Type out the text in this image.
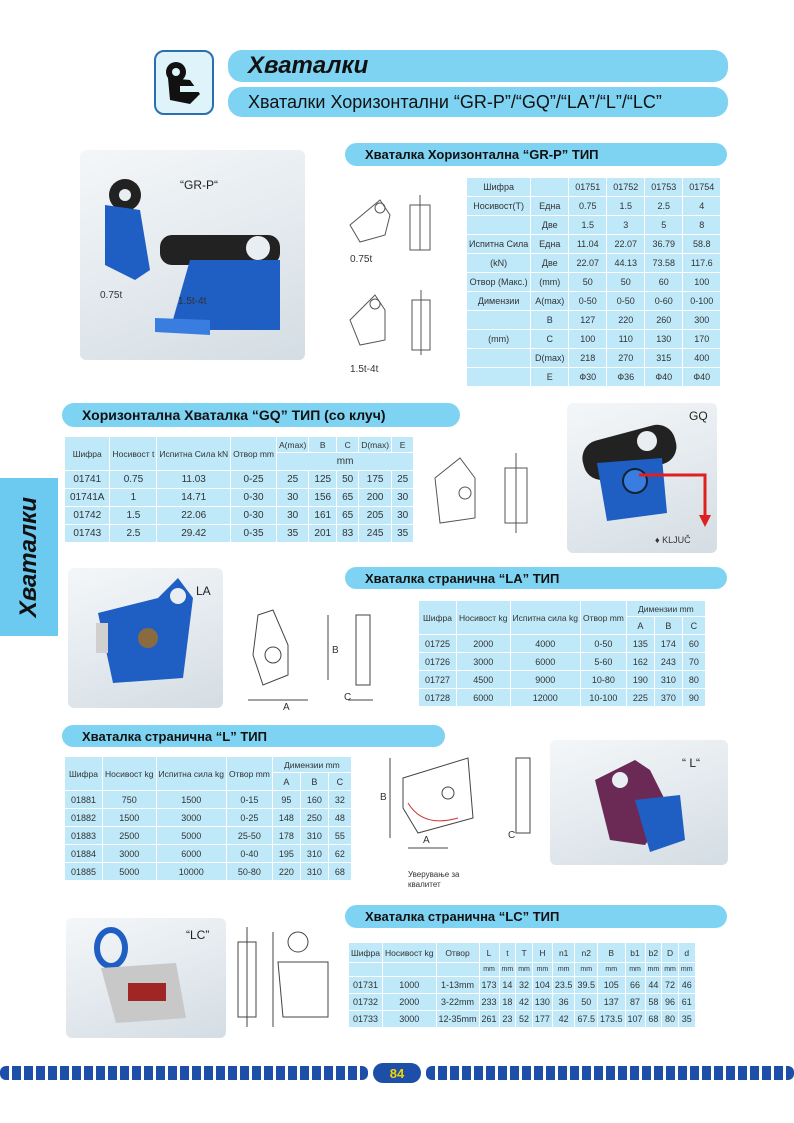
Хваталки
Хваталки Хоризонтални “GR-P”/“GQ”/“LA”/“L”/“LC”
Хваталки
“GR-P“
0.75t
1.5t-4t
Хваталка Хоризонтална “GR-P” ТИП
0.75t
1.5t-4t
Шифра		01751	01752	01753	01754
Носивост(Т)	Една	0.75	1.5	2.5	4
	Две	1.5	3	5	8
Испитна Сила	Една	11.04	22.07	36.79	58.8
(kN)	Две	22.07	44.13	73.58	117.6
Отвор (Макс.)	(mm)	50	50	60	100
Димензии	A(max)	0-50	0-50	0-60	0-100
	B	127	220	260	300
(mm)	C	100	110	130	170
	D(max)	218	270	315	400
	E	Ф30	Ф36	Ф40	Ф40
Хоризонтална Хваталка “GQ” ТИП (со клуч)
Шифра	Носивост t	Испитна Сила kN	Отвор mm	A(max)	B	C	D(max)	E
				mm				
01741	0.75	11.03	0-25	25	125	50	175	25
01741A	1	14.71	0-30	30	156	65	200	30
01742	1.5	22.06	0-30	30	161	65	205	30
01743	2.5	29.42	0-35	35	201	83	245	35
GQ
♦ KLJUČ
LA
B
A
C
Хваталка странична “LA” ТИП
Шифра	Носивост kg	Испитна сила kg	Отвор mm	Димензии mm		
				A	B	C
01725	2000	4000	0-50	135	174	60
01726	3000	6000	5-60	162	243	70
01727	4500	9000	10-80	190	310	80
01728	6000	12000	10-100	225	370	90
Хваталка странична “L” ТИП
Шифра	Носивост kg	Испитна сила kg	Отвор mm	Димензии mm		
				A	B	C
01881	750	1500	0-15	95	160	32
01882	1500	3000	0-25	148	250	48
01883	2500	5000	25-50	178	310	55
01884	3000	6000	0-40	195	310	62
01885	5000	10000	50-80	220	310	68
B
A	C
Уверување за квалитет
“ L“
“LC”
Хваталка странична “LC” ТИП
Шифра	Носивост kg	Отвор	L	t	T	H	n1	n2	B	b1	b2	D	d
			mm	mm	mm	mm	mm	mm	mm	mm	mm	mm	mm
01731	1000	1-13mm	173	14	32	104	23.5	39.5	105	66	44	72	46
01732	2000	3-22mm	233	18	42	130	36	50	137	87	58	96	61
01733	3000	12-35mm	261	23	52	177	42	67.5	173.5	107	68	80	35
84
